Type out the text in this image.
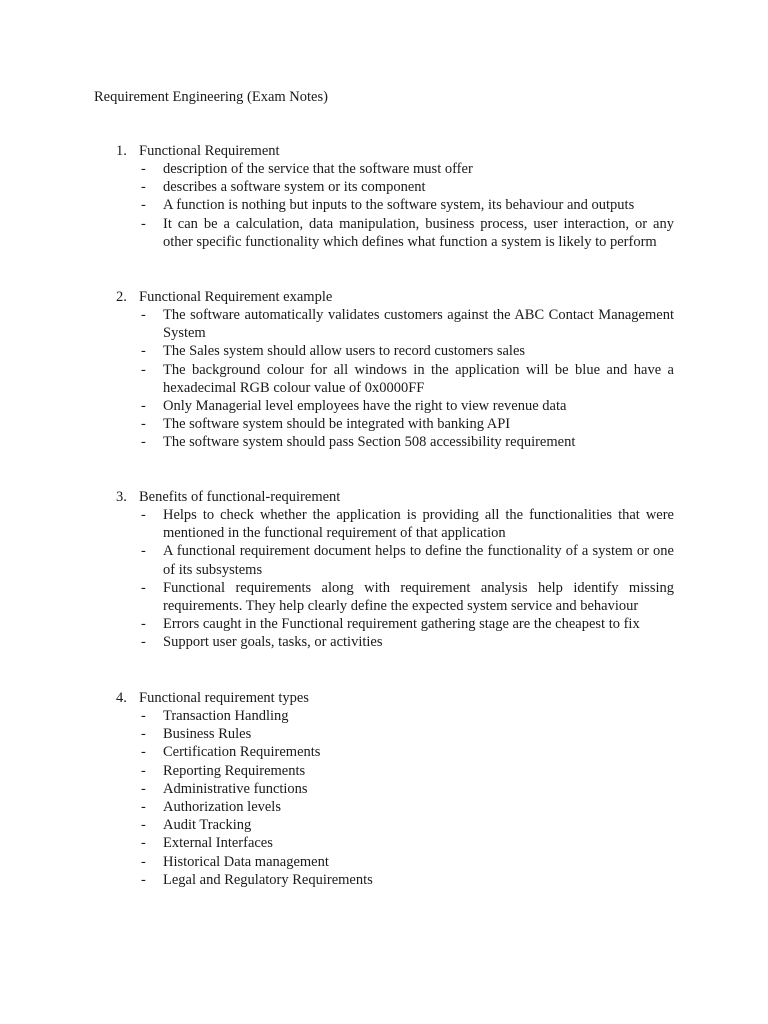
Requirement Engineering (Exam Notes)
1. Functional Requirement
- description of the service that the software must offer
- describes a software system or its component
- A function is nothing but inputs to the software system, its behaviour and outputs
- It can be a calculation, data manipulation, business process, user interaction, or any other specific functionality which defines what function a system is likely to perform
2. Functional Requirement example
- The software automatically validates customers against the ABC Contact Management System
- The Sales system should allow users to record customers sales
- The background colour for all windows in the application will be blue and have a hexadecimal RGB colour value of 0x0000FF
- Only Managerial level employees have the right to view revenue data
- The software system should be integrated with banking API
- The software system should pass Section 508 accessibility requirement
3. Benefits of functional-requirement
- Helps to check whether the application is providing all the functionalities that were mentioned in the functional requirement of that application
- A functional requirement document helps to define the functionality of a system or one of its subsystems
- Functional requirements along with requirement analysis help identify missing requirements. They help clearly define the expected system service and behaviour
- Errors caught in the Functional requirement gathering stage are the cheapest to fix
- Support user goals, tasks, or activities
4. Functional requirement types
- Transaction Handling
- Business Rules
- Certification Requirements
- Reporting Requirements
- Administrative functions
- Authorization levels
- Audit Tracking
- External Interfaces
- Historical Data management
- Legal and Regulatory Requirements
